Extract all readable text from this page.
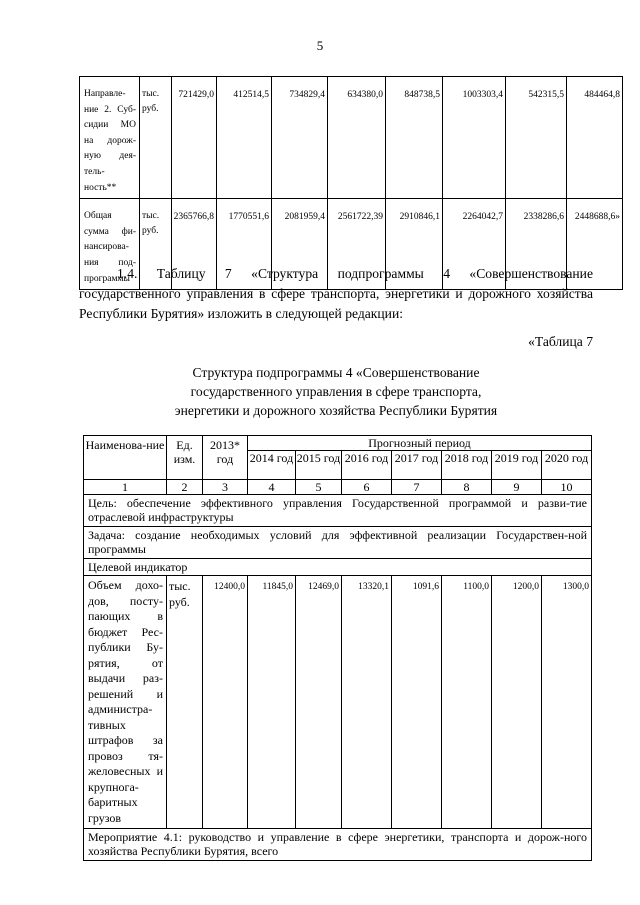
5
Направле-ние 2. Суб-сидии МО на дорож-ную дея-тель-ность**	тыс. руб.	721429,0	412514,5	734829,4	634380,0	848738,5	1003303,4	542315,5	484464,8
Общая сумма фи-нансирова-ния под-программы	тыс. руб.	2365766,8	1770551,6	2081959,4	2561722,39	2910846,1	2264042,7	2338286,6	2448688,6»
1.4. Таблицу 7 «Структура подпрограммы 4 «Совершенствование государственного управления в сфере транспорта, энергетики и дорожного хозяйства Республики Бурятия» изложить в следующей редакции:
«Таблица 7
Структура подпрограммы 4 «Совершенствование
государственного управления в сфере транспорта,
энергетики и дорожного хозяйства Республики Бурятия
Наименова-ние	Ед. изм.	2013* год	Прогнозный период						
			2014 год	2015 год	2016 год	2017 год	2018 год	2019 год	2020 год
1	2	3	4	5	6	7	8	9	10
Цель: обеспечение эффективного управления Государственной программой и разви-тие отраслевой инфраструктуры									
Задача: создание необходимых условий для эффективной реализации Государствен-ной программы									
Целевой индикатор									
Объем дохо-дов, посту-пающих в бюджет Рес-публики Бу-рятия, от выдачи раз-решений и администра-тивных штрафов за провоз тя-желовесных и крупнога-баритных грузов	тыс. руб.	12400,0	11845,0	12469,0	13320,1	1091,6	1100,0	1200,0	1300,0
Мероприятие 4.1: руководство и управление в сфере энергетики, транспорта и дорож-ного хозяйства Республики Бурятия, всего									
